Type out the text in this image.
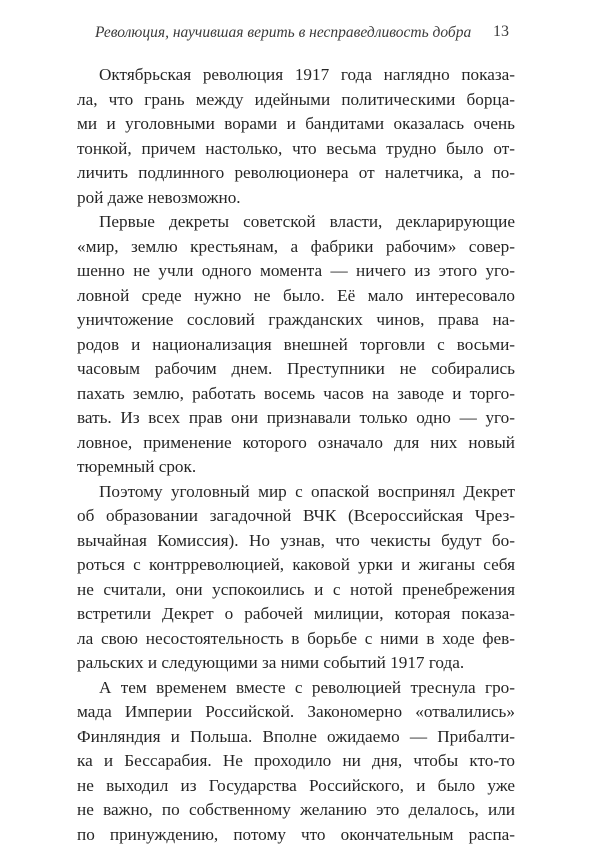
Революция, научившая верить в несправедливость добра	13

Октябрьская революция 1917 года наглядно показа-
ла, что грань между идейными политическими борца-
ми и уголовными ворами и бандитами оказалась очень
тонкой, причем настолько, что весьма трудно было от-
личить подлинного революционера от налетчика, а по-
рой даже невозможно.

Первые декреты советской власти, декларирующие
«мир, землю крестьянам, а фабрики рабочим» совер-
шенно не учли одного момента — ничего из этого уго-
ловной среде нужно не было. Её мало интересовало
уничтожение сословий гражданских чинов, права на-
родов и национализация внешней торговли с восьми-
часовым рабочим днем. Преступники не собирались
пахать землю, работать восемь часов на заводе и торго-
вать. Из всех прав они признавали только одно — уго-
ловное, применение которого означало для них новый
тюремный срок.

Поэтому уголовный мир с опаской воспринял Декрет
об образовании загадочной ВЧК (Всероссийская Чрез-
вычайная Комиссия). Но узнав, что чекисты будут бо-
роться с контрреволюцией, каковой урки и жиганы себя
не считали, они успокоились и с нотой пренебрежения
встретили Декрет о рабочей милиции, которая показа-
ла свою несостоятельность в борьбе с ними в ходе фев-
ральских и следующими за ними событий 1917 года.

А тем временем вместе с революцией треснула гро-
мада Империи Российской. Закономерно «отвалились»
Финляндия и Польша. Вполне ожидаемо — Прибалти-
ка и Бессарабия. Не проходило ни дня, чтобы кто-то
не выходил из Государства Российского, и было уже
не важно, по собственному желанию это делалось, или
по принуждению, потому что окончательным распа-
